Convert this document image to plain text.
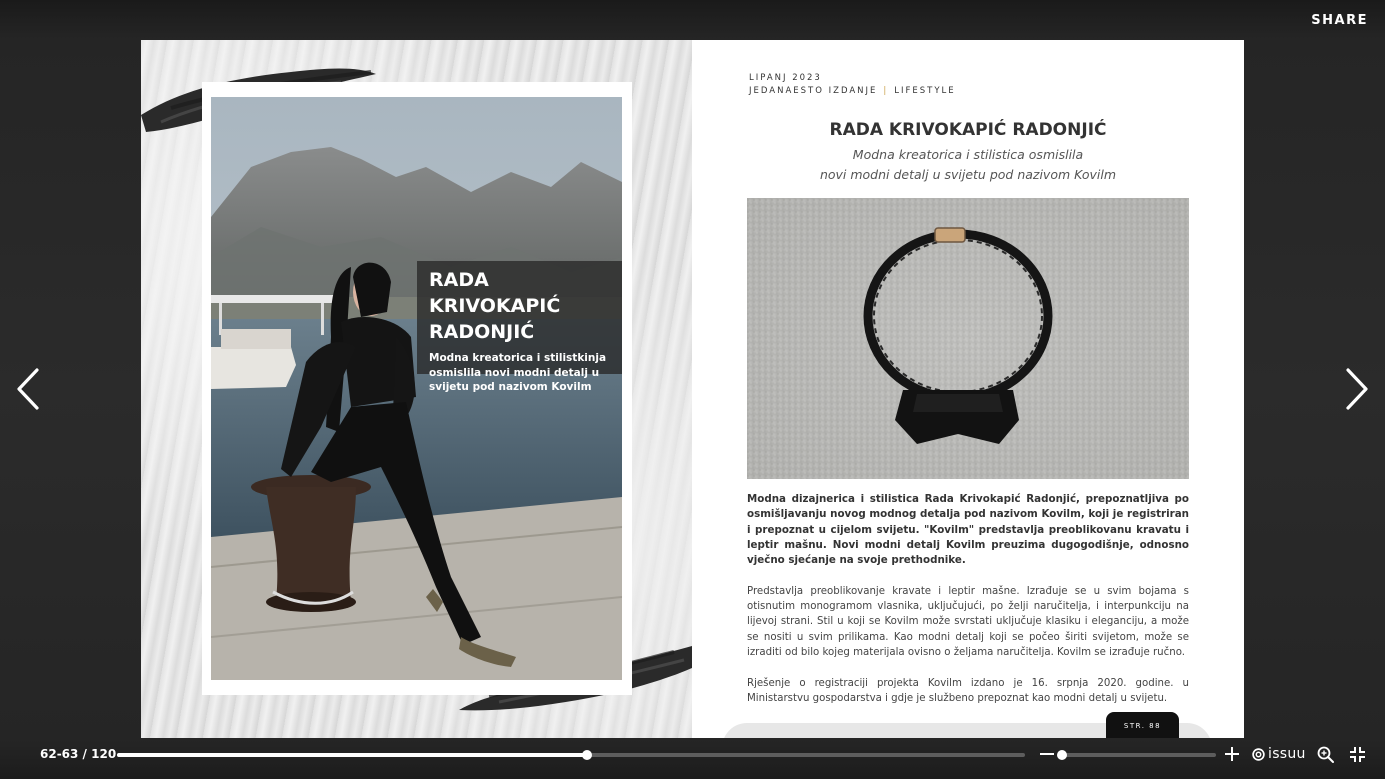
SHARE
RADA KRIVOKAPIĆ RADONJIĆ
Modna kreatorica i stilistkinja osmislila novi modni detalj u svijetu pod nazivom Kovilm
LIPANJ 2023
JEDANAESTO IZDANJE | LIFESTYLE
RADA KRIVOKAPIĆ RADONJIĆ
Modna kreatorica i stilistica osmislila
novi modni detalj u svijetu pod nazivom Kovilm
Modna dizajnerica i stilistica Rada Krivokapić Radonjić, prepoznatljiva po osmišljavanju novog modnog detalja pod nazivom Kovilm, koji je registriran i prepoznat u cijelom svijetu. "Kovilm" predstavlja preoblikovanu kravatu i leptir mašnu. Novi modni detalj Kovilm preuzima dugogodišnje, odnosno vječno sjećanje na svoje prethodnike.
Predstavlja preoblikovanje kravate i leptir mašne. Izrađuje se u svim bojama s otisnutim monogramom vlasnika, uključujući, po želji naručitelja, i interpunkciju na lijevoj strani. Stil u koji se Kovilm može svrstati uključuje klasiku i eleganciju, a može se nositi u svim prilikama. Kao modni detalj koji se počeo širiti svijetom, može se izraditi od bilo kojeg materijala ovisno o željama naručitelja. Kovilm se izrađuje ručno.
Rješenje o registraciji projekta Kovilm izdano je 16. srpnja 2020. godine. u Ministarstvu gospodarstva i gdje je službeno prepoznat kao modni detalj u svijetu.
STR. 88
62-63 / 120	issuu
